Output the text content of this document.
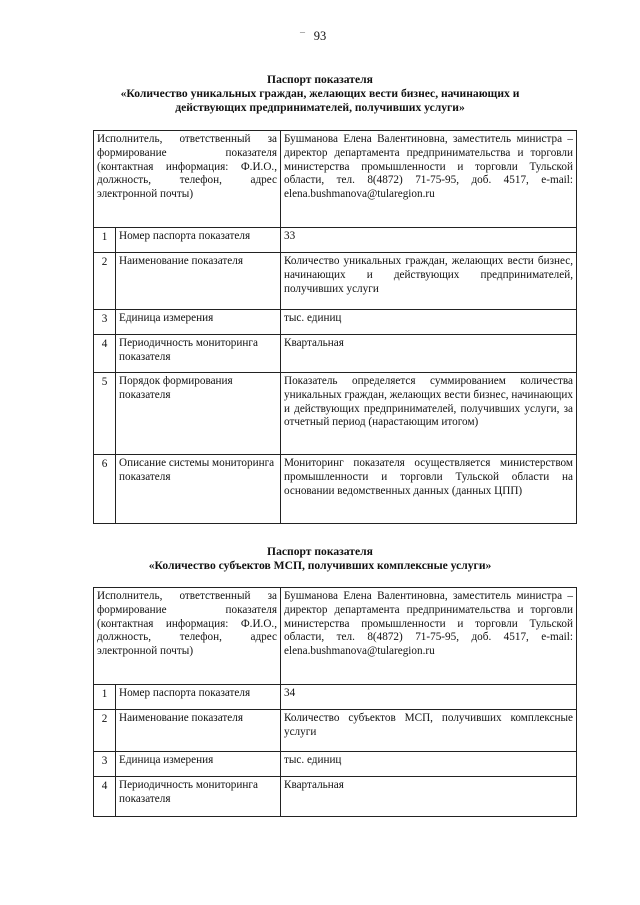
– 93
Паспорт показателя
«Количество уникальных граждан, желающих вести бизнес, начинающих и
действующих предпринимателей, получивших услуги»
Исполнитель, ответственный за формирование показателя (контактная информация: Ф.И.О., должность, телефон, адрес электронной почты)		Бушманова Елена Валентиновна, заместитель министра – директор департамента предпринимательства и торговли министерства промышленности и торговли Тульской области, тел. 8(4872) 71-75-95, доб. 4517, e-mail: elena.bushmanova@tularegion.ru
1	Номер паспорта показателя	33
2	Наименование показателя	Количество уникальных граждан, желающих вести бизнес, начинающих и действующих предпринимателей, получивших услуги
3	Единица измерения	тыс. единиц
4	Периодичность мониторинга показателя	Квартальная
5	Порядок формирования показателя	Показатель определяется суммированием количества уникальных граждан, желающих вести бизнес, начинающих и действующих предпринимателей, получивших услуги, за отчетный период (нарастающим итогом)
6	Описание системы мониторинга показателя	Мониторинг показателя осуществляется министерством промышленности и торговли Тульской области на основании ведомственных данных (данных ЦПП)
Паспорт показателя
«Количество субъектов МСП, получивших комплексные услуги»
Исполнитель, ответственный за формирование показателя (контактная информация: Ф.И.О., должность, телефон, адрес электронной почты)		Бушманова Елена Валентиновна, заместитель министра – директор департамента предпринимательства и торговли министерства промышленности и торговли Тульской области, тел. 8(4872) 71-75-95, доб. 4517, e-mail: elena.bushmanova@tularegion.ru
1	Номер паспорта показателя	34
2	Наименование показателя	Количество субъектов МСП, получивших комплексные услуги
3	Единица измерения	тыс. единиц
4	Периодичность мониторинга показателя	Квартальная
